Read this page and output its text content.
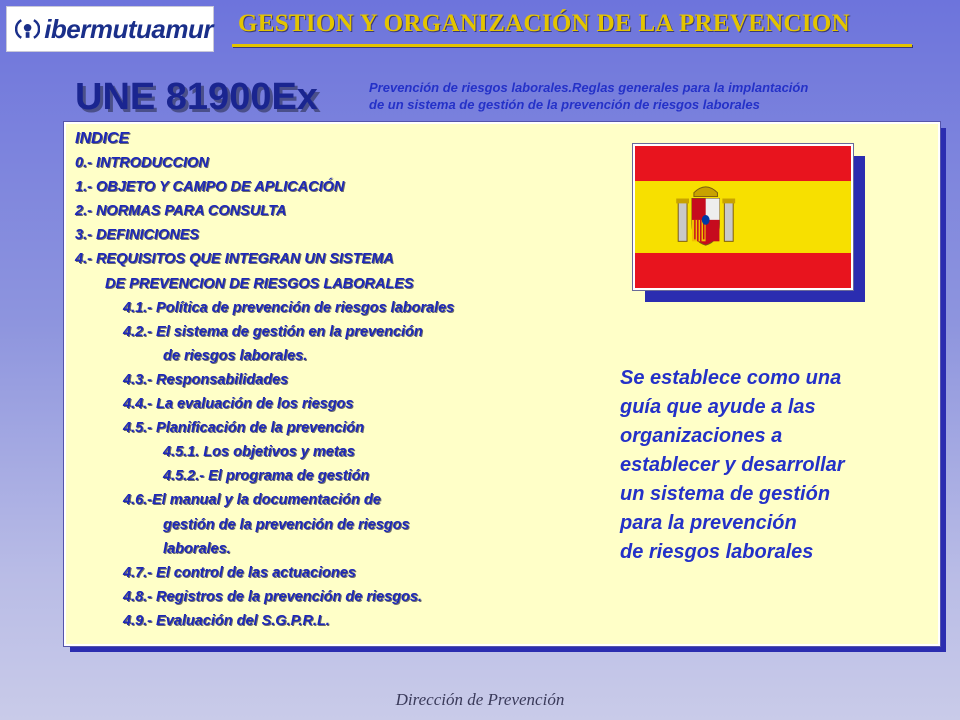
ibermutuamur GESTION Y ORGANIZACIÓN DE LA PREVENCION
UNE 81900Ex	Prevención de riesgos laborales.Reglas generales para la implantación
de un sistema de gestión de la prevención de riesgos laborales
INDICE
0.- INTRODUCCION
1.- OBJETO Y CAMPO DE APLICACIÓN
2.- NORMAS PARA CONSULTA
3.- DEFINICIONES
4.- REQUISITOS QUE INTEGRAN UN SISTEMA
DE PREVENCION DE RIESGOS LABORALES
4.1.- Política de prevención de riesgos laborales
4.2.- El sistema de gestión en la prevención
de riesgos laborales.
4.3.- Responsabilidades
4.4.- La evaluación de los riesgos
4.5.- Planificación de la prevención
4.5.1. Los objetivos y metas
4.5.2.- El programa de gestión
4.6.-El manual y la documentación de
gestión de la prevención de riesgos
laborales.
4.7.- El control de las actuaciones
4.8.- Registros de la prevención de riesgos.
4.9.- Evaluación del S.G.P.R.L.
Se establece como una
guía que ayude a las
organizaciones a
establecer y desarrollar
un sistema de gestión
para la prevención
de riesgos laborales
Dirección de Prevención
